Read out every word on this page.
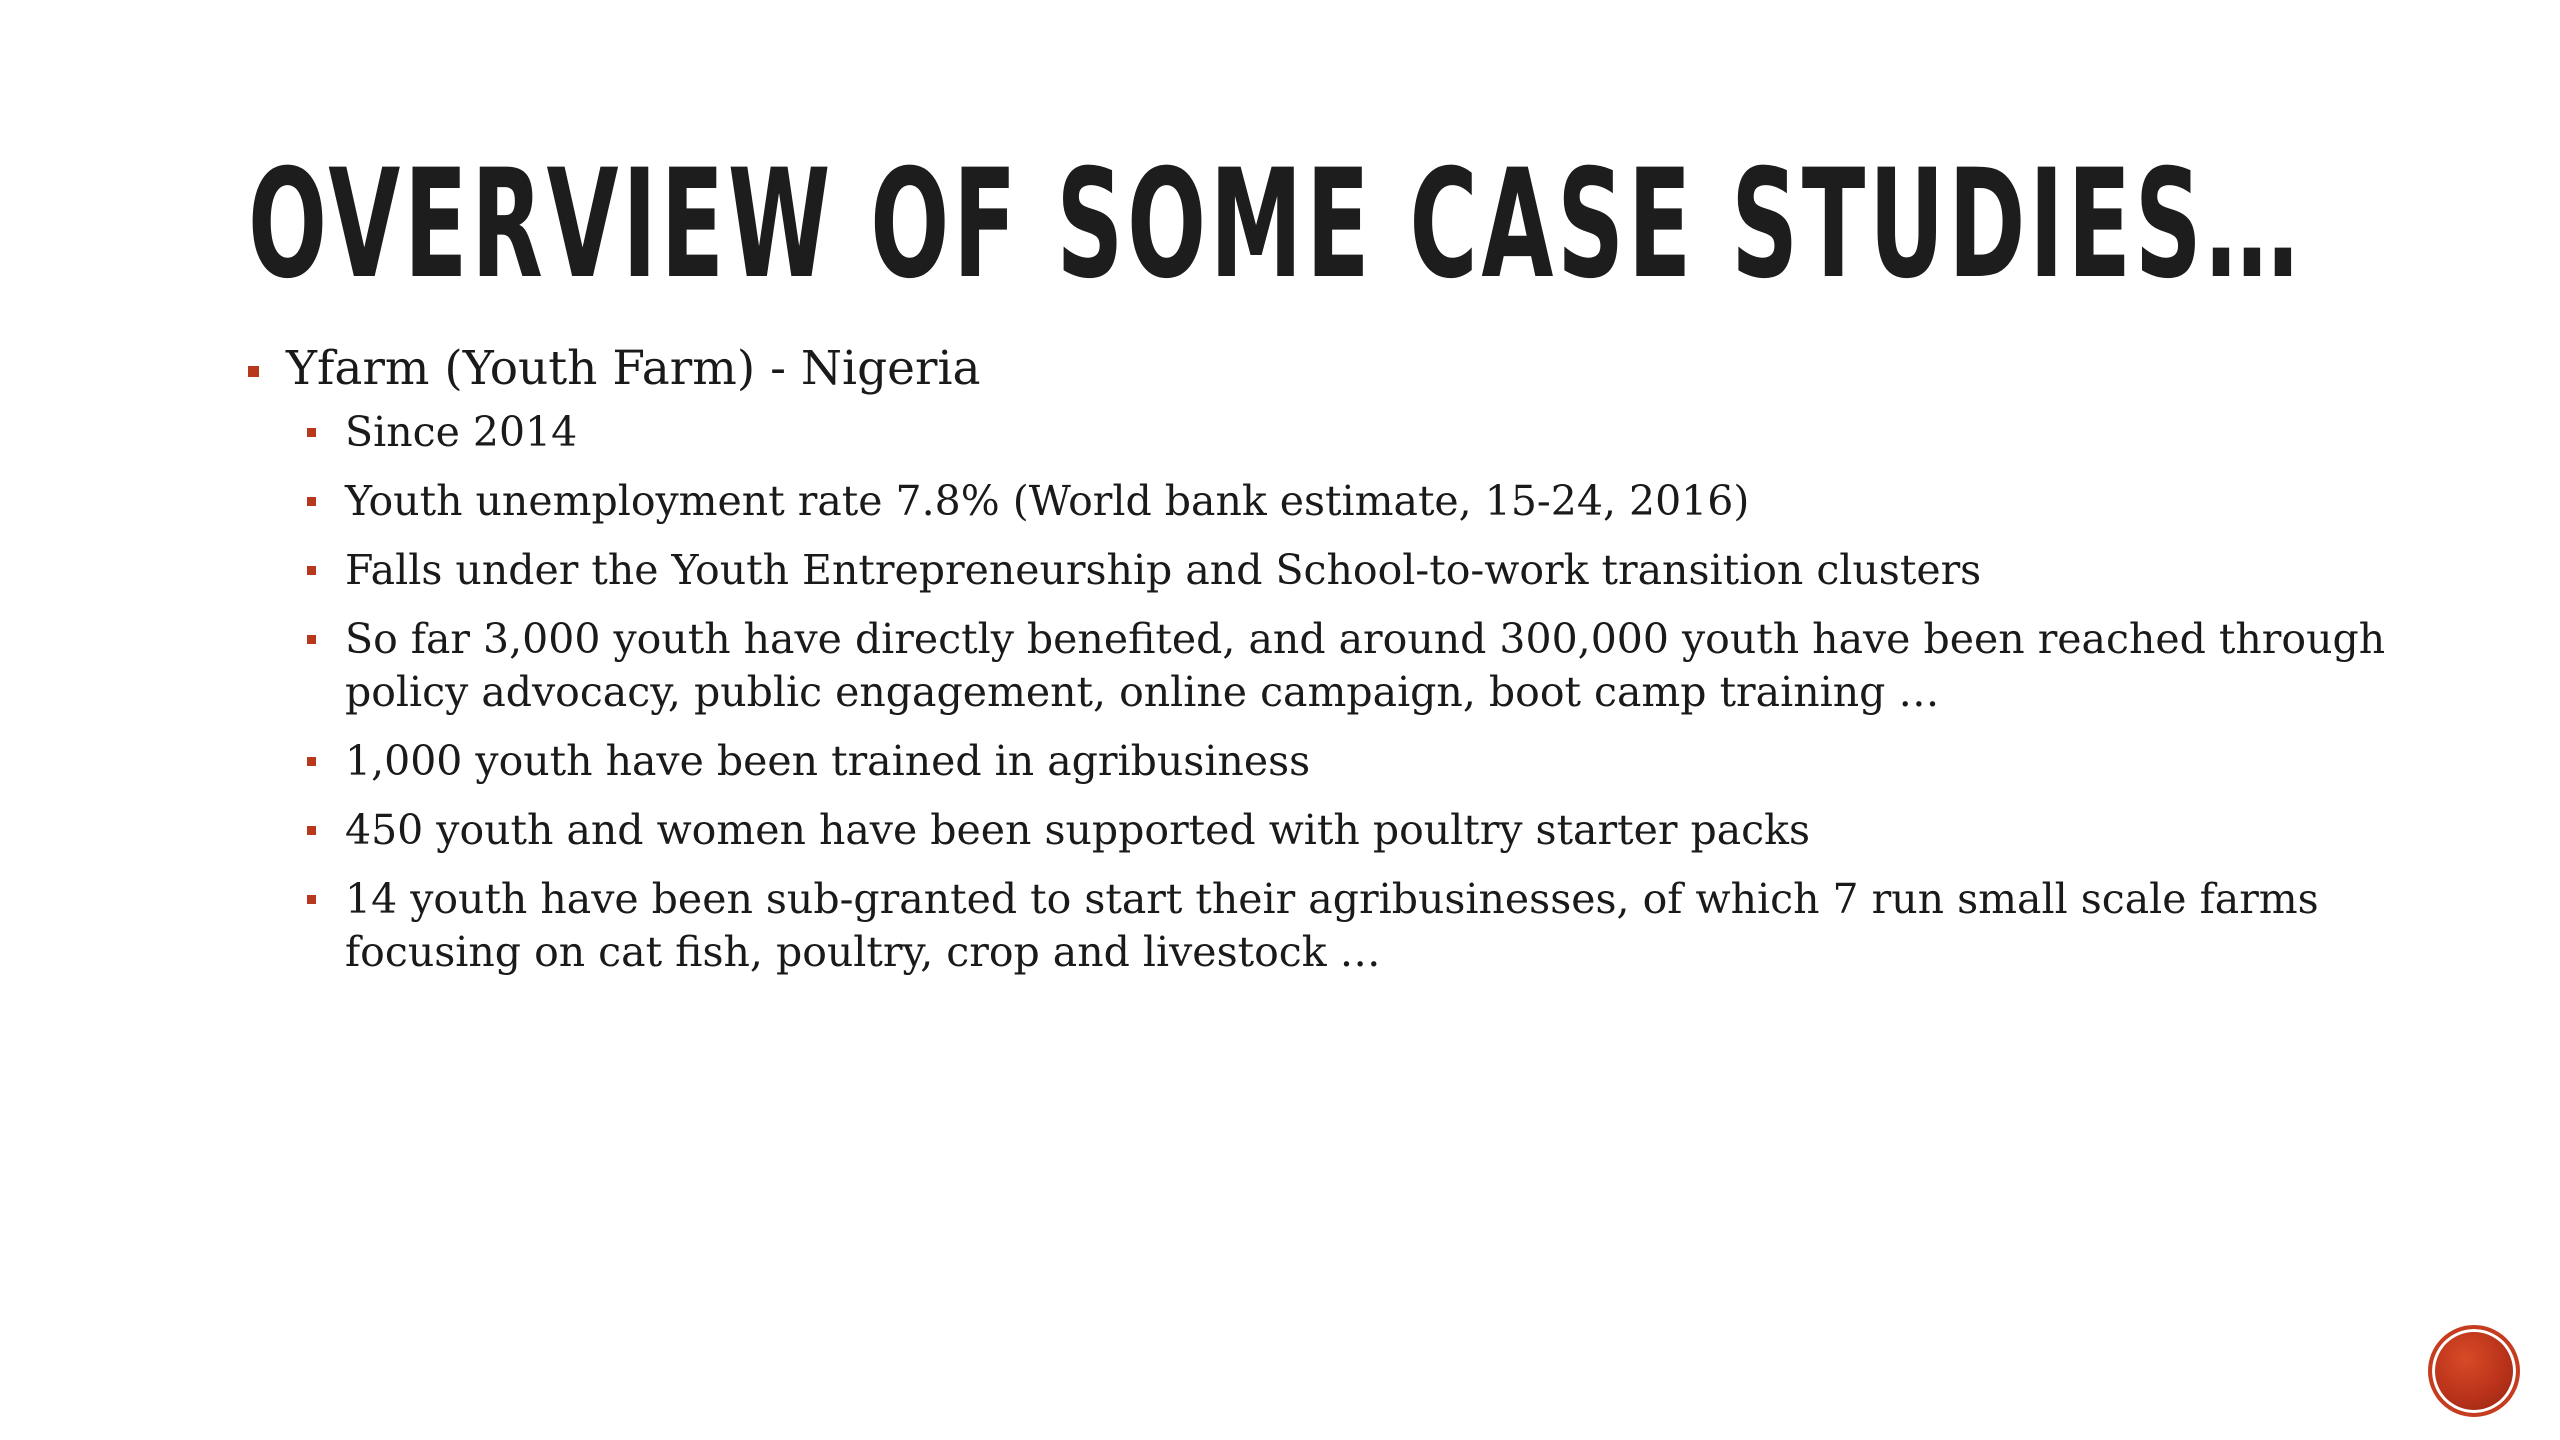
OVERVIEW OF SOME CASE STUDIES…
Yfarm (Youth Farm) - Nigeria
Since 2014
Youth unemployment rate 7.8% (World bank estimate, 15-24, 2016)
Falls under the Youth Entrepreneurship and School-to-work transition clusters
So far 3,000 youth have directly benefited, and around 300,000 youth have been reached through policy advocacy, public engagement, online campaign, boot camp training …
1,000 youth have been trained in agribusiness
450 youth and women have been supported with poultry starter packs
14 youth have been sub-granted to start their agribusinesses, of which 7 run small scale farms focusing on cat fish, poultry, crop and livestock …
